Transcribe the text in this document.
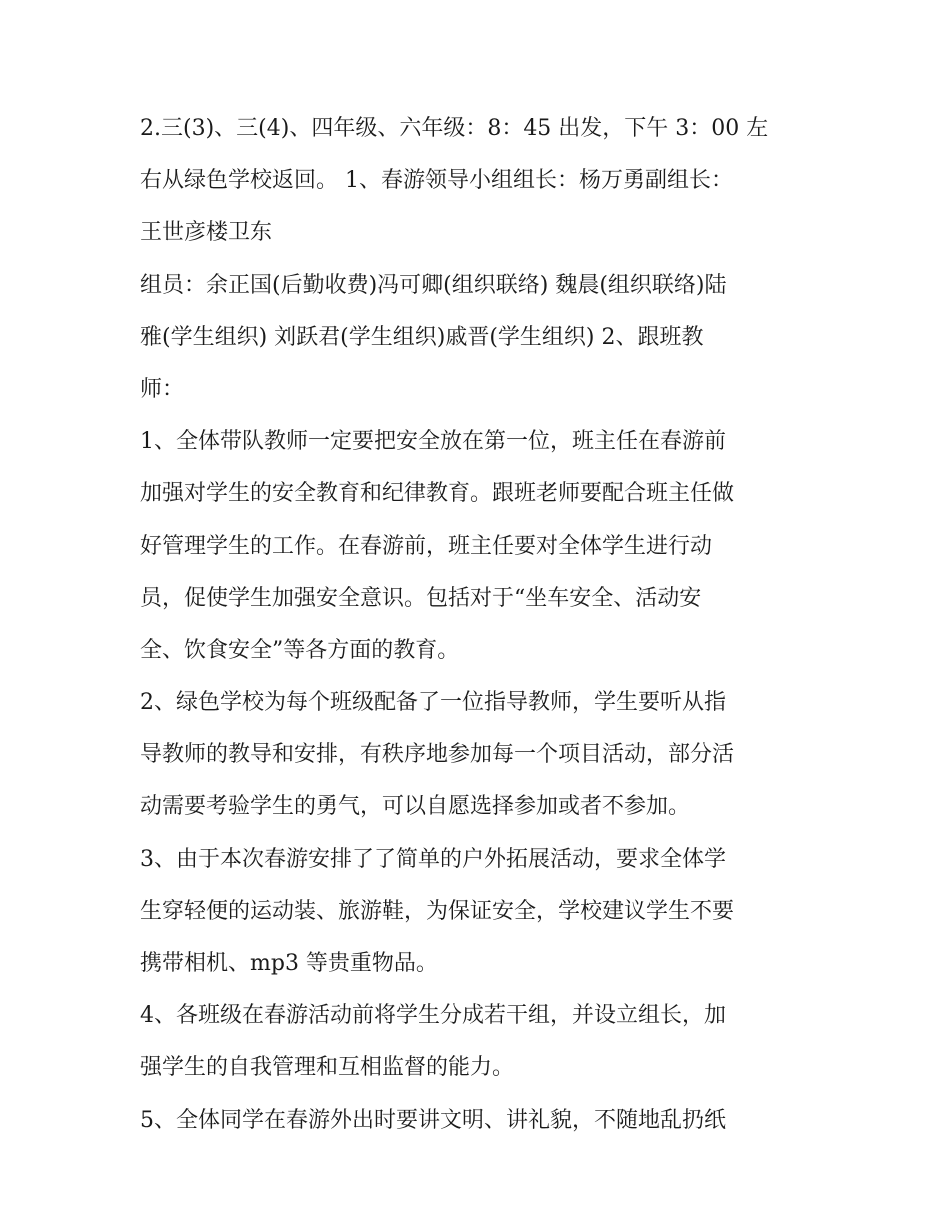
2.三(3)、三(4)、四年级、六年级：8：45 出发，下午 3：00 左
右从绿色学校返回。 1、春游领导小组组长：杨万勇副组长：
王世彦楼卫东
组员：余正国(后勤收费)冯可卿(组织联络) 魏晨(组织联络)陆
雅(学生组织) 刘跃君(学生组织)戚晋(学生组织) 2、跟班教
师：
1、全体带队教师一定要把安全放在第一位，班主任在春游前
加强对学生的安全教育和纪律教育。跟班老师要配合班主任做
好管理学生的工作。在春游前，班主任要对全体学生进行动
员，促使学生加强安全意识。包括对于“坐车安全、活动安
全、饮食安全”等各方面的教育。
2、绿色学校为每个班级配备了一位指导教师，学生要听从指
导教师的教导和安排，有秩序地参加每一个项目活动，部分活
动需要考验学生的勇气，可以自愿选择参加或者不参加。
3、由于本次春游安排了了简单的户外拓展活动，要求全体学
生穿轻便的运动装、旅游鞋，为保证安全，学校建议学生不要
携带相机、mp3 等贵重物品。
4、各班级在春游活动前将学生分成若干组，并设立组长，加
强学生的自我管理和互相监督的能力。
5、全体同学在春游外出时要讲文明、讲礼貌，不随地乱扔纸
